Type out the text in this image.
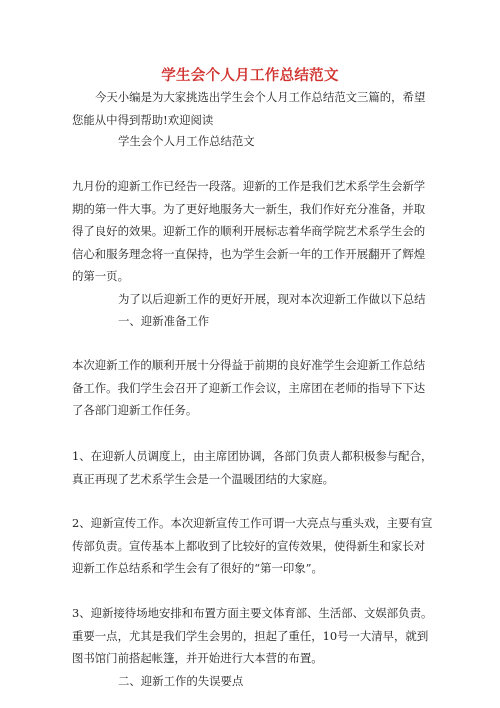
学生会个人月工作总结范文

今天小编是为大家挑选出学生会个人月工作总结范文三篇的，希望您能从中得到帮助!欢迎阅读

学生会个人月工作总结范文

九月份的迎新工作已经告一段落。迎新的工作是我们艺术系学生会新学期的第一件大事。为了更好地服务大一新生，我们作好充分准备，并取得了良好的效果。迎新工作的顺利开展标志着华商学院艺术系学生会的信心和服务理念将一直保持，也为学生会新一年的工作开展翻开了辉煌的第一页。

为了以后迎新工作的更好开展，现对本次迎新工作做以下总结

一、迎新准备工作

本次迎新工作的顺利开展十分得益于前期的良好准学生会迎新工作总结备工作。我们学生会召开了迎新工作会议，主席团在老师的指导下下达了各部门迎新工作任务。

1、在迎新人员调度上，由主席团协调，各部门负责人都积极参与配合，真正再现了艺术系学生会是一个温暖团结的大家庭。

2、迎新宣传工作。本次迎新宣传工作可谓一大亮点与重头戏，主要有宣传部负责。宣传基本上都收到了比较好的宣传效果，使得新生和家长对迎新工作总结系和学生会有了很好的“第一印象”。

3、迎新接待场地安排和布置方面主要文体育部、生活部、文娱部负责。重要一点，尤其是我们学生会男的，担起了重任，10号一大清早，就到图书馆门前搭起帐篷，并开始进行大本营的布置。

二、迎新工作的失误要点
